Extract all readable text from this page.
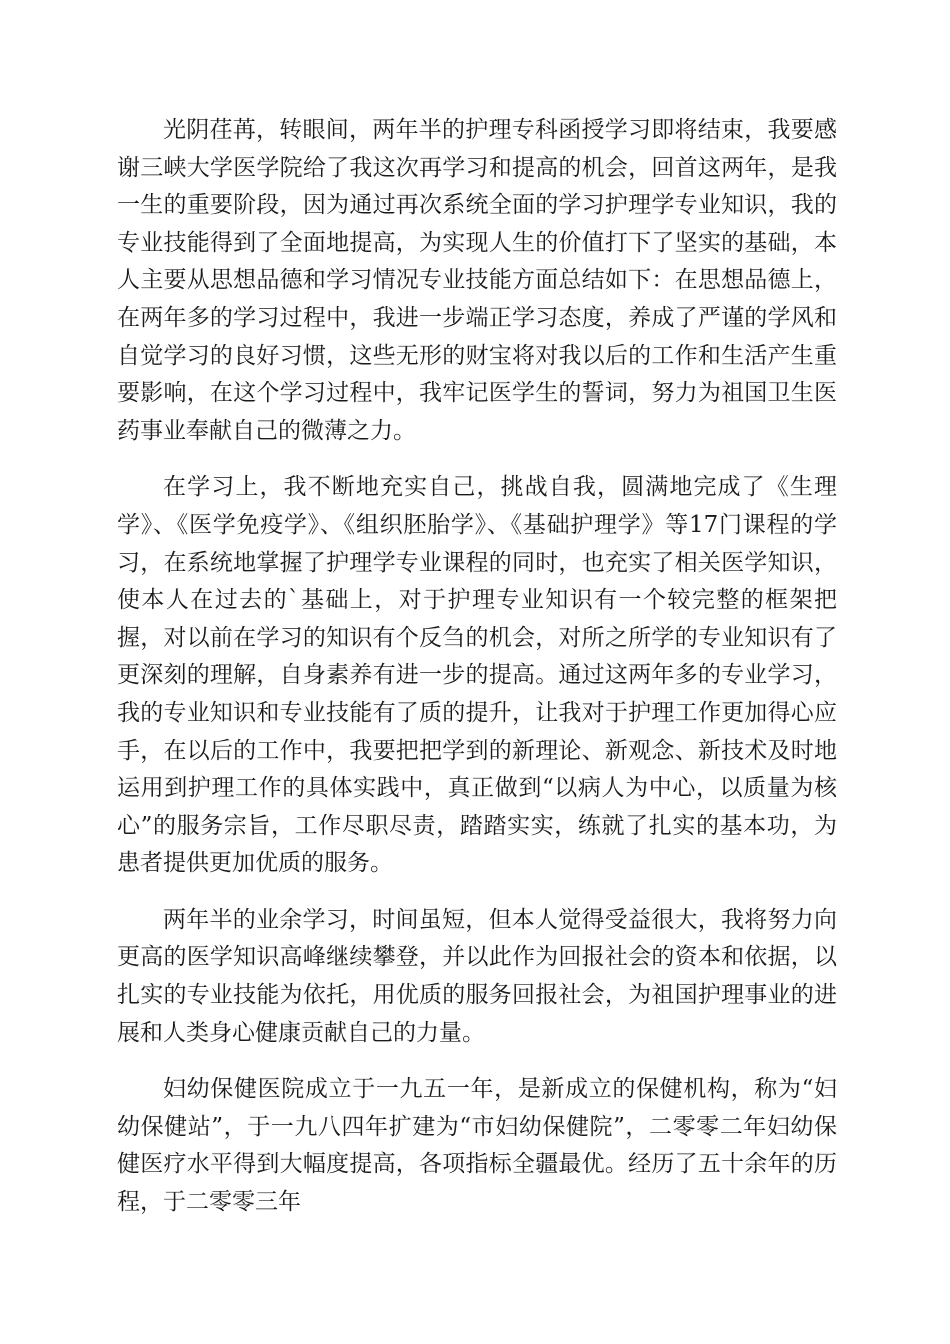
光阴荏苒，转眼间，两年半的护理专科函授学习即将结束，我要感谢三峡大学医学院给了我这次再学习和提高的机会，回首这两年，是我一生的重要阶段，因为通过再次系统全面的学习护理学专业知识，我的专业技能得到了全面地提高，为实现人生的价值打下了坚实的基础，本人主要从思想品德和学习情况专业技能方面总结如下：在思想品德上，在两年多的学习过程中，我进一步端正学习态度，养成了严谨的学风和自觉学习的良好习惯，这些无形的财宝将对我以后的工作和生活产生重要影响，在这个学习过程中，我牢记医学生的誓词，努力为祖国卫生医药事业奉献自己的微薄之力。

在学习上，我不断地充实自己，挑战自我，圆满地完成了《生理学》、《医学免疫学》、《组织胚胎学》、《基础护理学》等17门课程的学习，在系统地掌握了护理学专业课程的同时，也充实了相关医学知识，使本人在过去的`基础上，对于护理专业知识有一个较完整的框架把握，对以前在学习的知识有个反刍的机会，对所之所学的专业知识有了更深刻的理解，自身素养有进一步的提高。通过这两年多的专业学习，我的专业知识和专业技能有了质的提升，让我对于护理工作更加得心应手，在以后的工作中，我要把把学到的新理论、新观念、新技术及时地运用到护理工作的具体实践中，真正做到“以病人为中心，以质量为核心”的服务宗旨，工作尽职尽责，踏踏实实，练就了扎实的基本功，为患者提供更加优质的服务。

两年半的业余学习，时间虽短，但本人觉得受益很大，我将努力向更高的医学知识高峰继续攀登，并以此作为回报社会的资本和依据，以扎实的专业技能为依托，用优质的服务回报社会，为祖国护理事业的进展和人类身心健康贡献自己的力量。

妇幼保健医院成立于一九五一年，是新成立的保健机构，称为“妇幼保健站”，于一九八四年扩建为“市妇幼保健院”，二零零二年妇幼保健医疗水平得到大幅度提高，各项指标全疆最优。经历了五十余年的历程，于二零零三年
